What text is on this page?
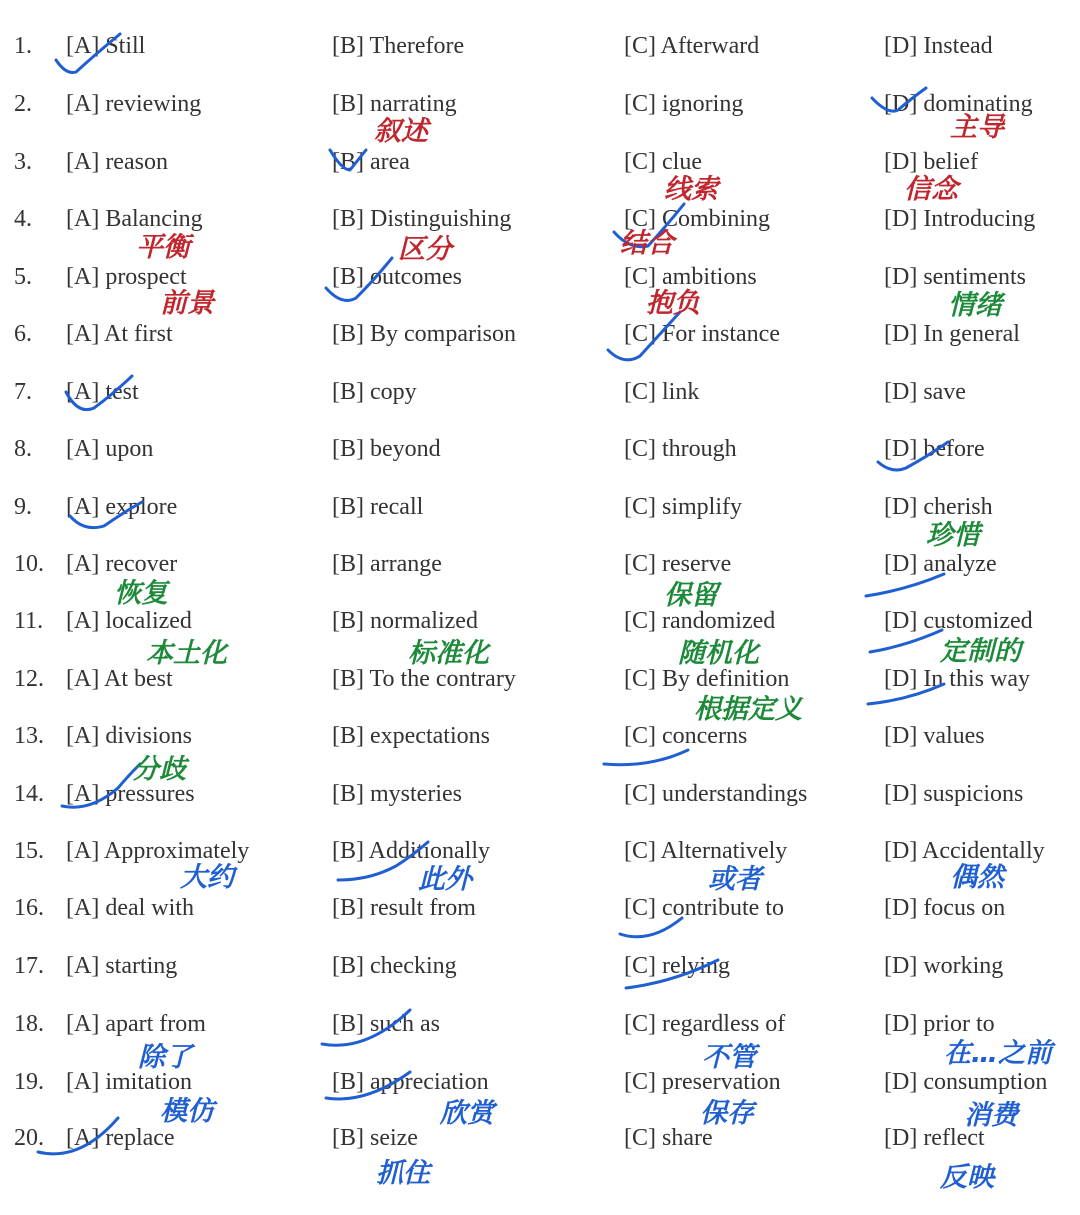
1. [A] Still	[B] Therefore	[C] Afterward	[D] Instead
2. [A] reviewing	[B] narrating	[C] ignoring	[D] dominating
3. [A] reason	[B] area	[C] clue	[D] belief
4. [A] Balancing	[B] Distinguishing	[C] Combining	[D] Introducing
5. [A] prospect	[B] outcomes	[C] ambitions	[D] sentiments
6. [A] At first	[B] By comparison	[C] For instance	[D] In general
7. [A] test	[B] copy	[C] link	[D] save
8. [A] upon	[B] beyond	[C] through	[D] before
9. [A] explore	[B] recall	[C] simplify	[D] cherish
10. [A] recover	[B] arrange	[C] reserve	[D] analyze
11. [A] localized	[B] normalized	[C] randomized	[D] customized
12. [A] At best	[B] To the contrary	[C] By definition	[D] In this way
13. [A] divisions	[B] expectations	[C] concerns	[D] values
14. [A] pressures	[B] mysteries	[C] understandings	[D] suspicions
15. [A] Approximately	[B] Additionally	[C] Alternatively	[D] Accidentally
16. [A] deal with	[B] result from	[C] contribute to	[D] focus on
17. [A] starting	[B] checking	[C] relying	[D] working
18. [A] apart from	[B] such as	[C] regardless of	[D] prior to
19. [A] imitation	[B] appreciation	[C] preservation	[D] consumption
20. [A] replace	[B] seize	[C] share	[D] reflect
叙述	主导
线索	信念
平衡	区分	结合
前景	抱负	情绪
珍惜
恢复	保留
本土化	标准化	随机化	定制的
根据定义
分歧
大约	此外	或者	偶然
除了	不管	在…之前
模仿	欣赏	保存	消费
抓住	反映
